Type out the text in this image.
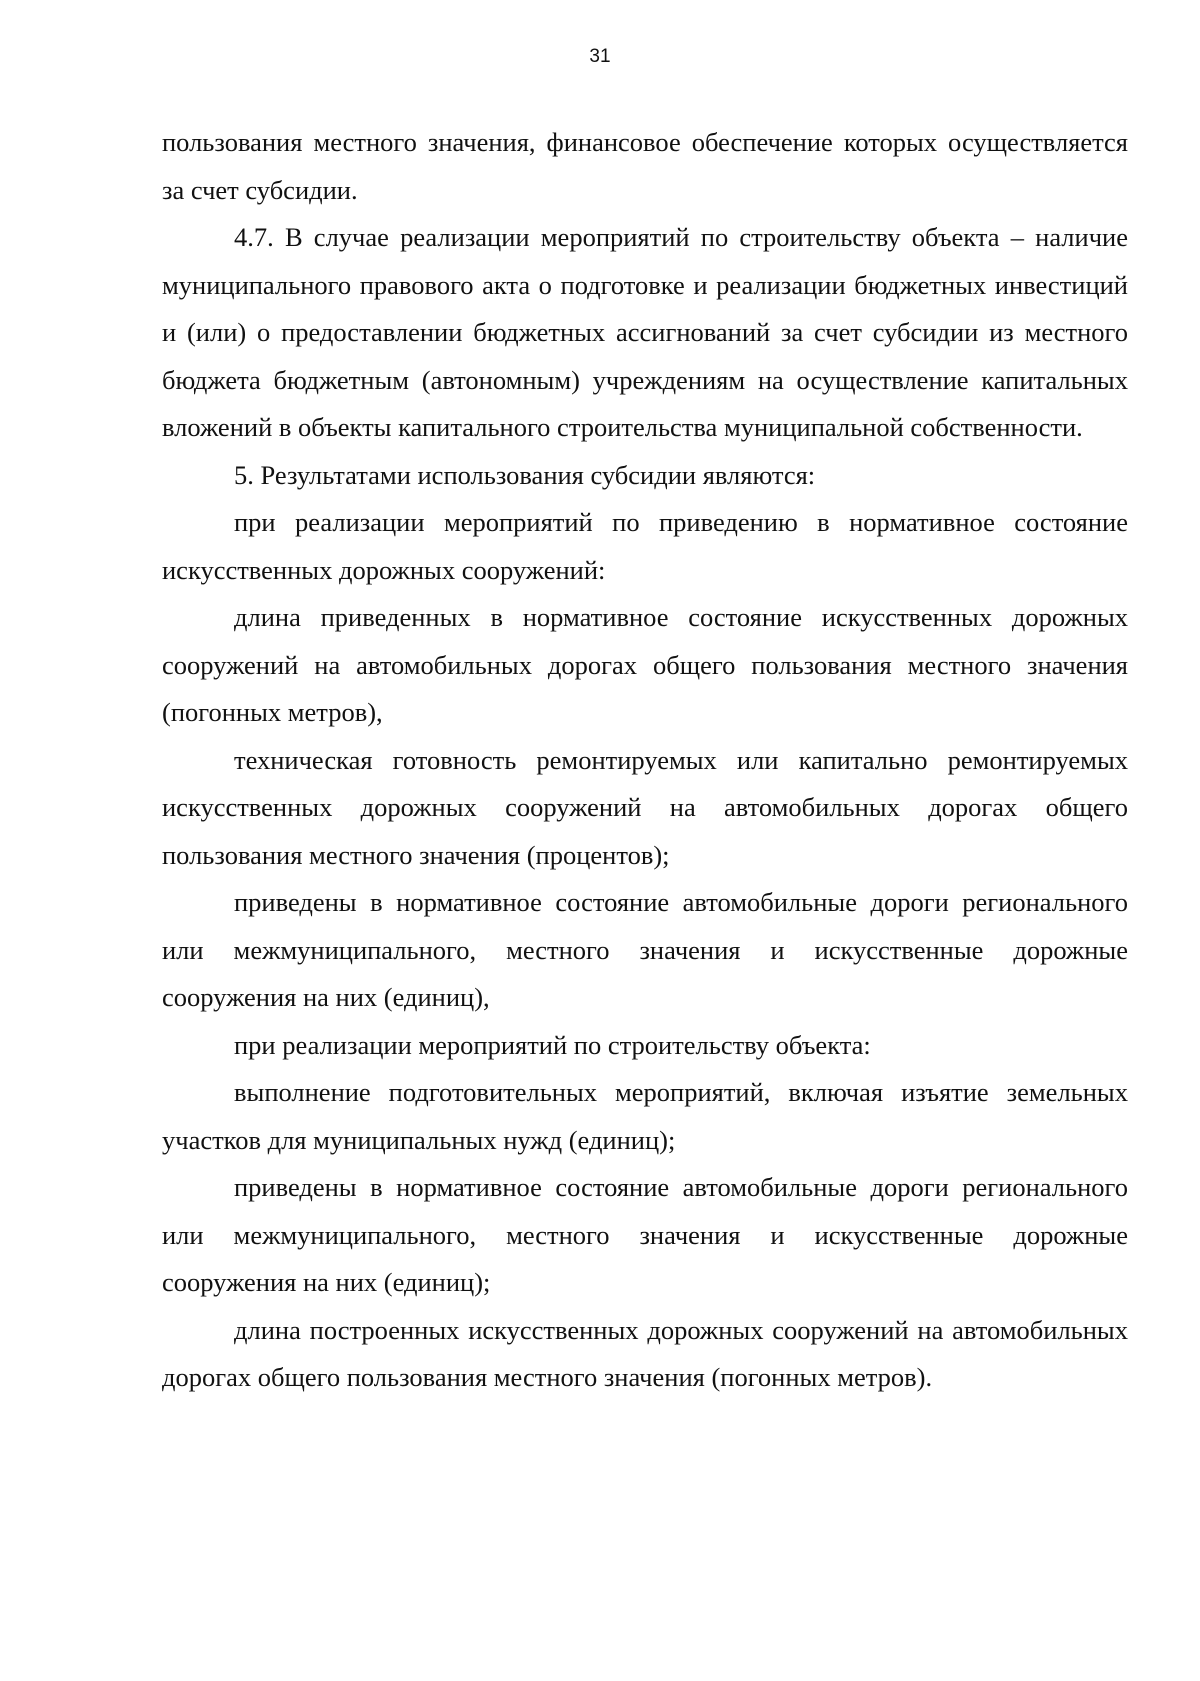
31

пользования местного значения, финансовое обеспечение которых осуществляется за счет субсидии.

4.7. В случае реализации мероприятий по строительству объекта – наличие муниципального правового акта о подготовке и реализации бюджетных инвестиций и (или) о предоставлении бюджетных ассигнований за счет субсидии из местного бюджета бюджетным (автономным) учреждениям на осуществление капитальных вложений в объекты капитального строительства муниципальной собственности.

5. Результатами использования субсидии являются:

при реализации мероприятий по приведению в нормативное состояние искусственных дорожных сооружений:

длина приведенных в нормативное состояние искусственных дорожных сооружений на автомобильных дорогах общего пользования местного значения (погонных метров),

техническая готовность ремонтируемых или капитально ремонтируемых искусственных дорожных сооружений на автомобильных дорогах общего пользования местного значения (процентов);

приведены в нормативное состояние автомобильные дороги регионального или межмуниципального, местного значения и искусственные дорожные сооружения на них (единиц),

при реализации мероприятий по строительству объекта:

выполнение подготовительных мероприятий, включая изъятие земельных участков для муниципальных нужд (единиц);

приведены в нормативное состояние автомобильные дороги регионального или межмуниципального, местного значения и искусственные дорожные сооружения на них (единиц);

длина построенных искусственных дорожных сооружений на автомобильных дорогах общего пользования местного значения (погонных метров).
